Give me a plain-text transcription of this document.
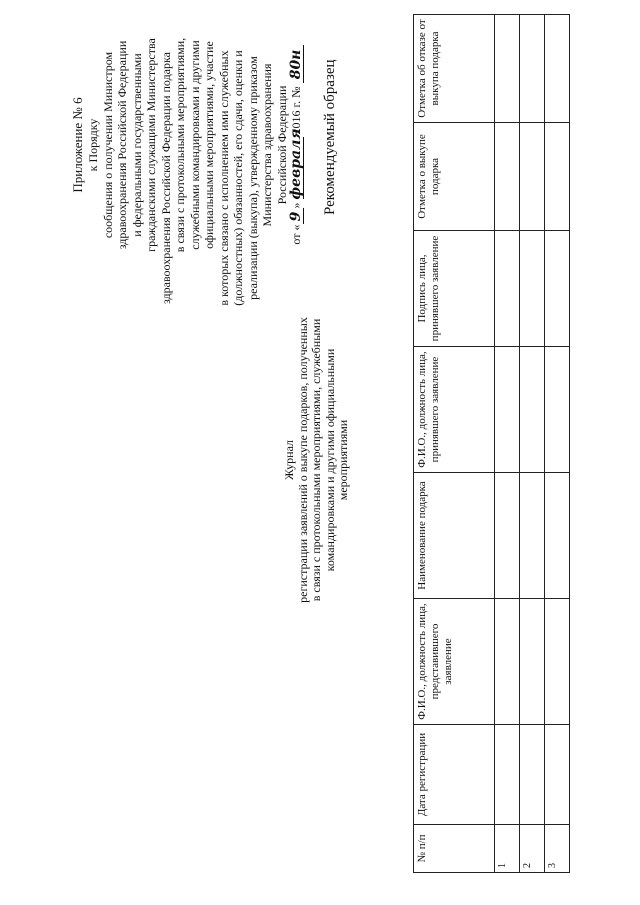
Приложение № 6 к Порядку сообщения о получении Министром здравоохранения Российской Федерации и федеральными государственными гражданскими служащими Министерства здравоохранения Российской Федерации подарка в связи с протокольными мероприятиями, служебными командировками и другими официальными мероприятиями, участие в которых связано с исполнением ими служебных (должностных) обязанностей, его сдачи, оценки и реализации (выкупа), утвержденному приказом Министерства здравоохранения Российской Федерации
от «9» февраля 2016 г. № 80н Рекомендуемый образец
Журнал регистрации заявлений о выкупе подарков, полученных в связи с протокольными мероприятиями, служебными командировками и другими официальными мероприятиями
№ п/п	Дата регистрации	Ф.И.О., должность лица, представившего заявление	Наименование подарка	Ф.И.О., должность лица, принявшего заявление	Подпись лица, принявшего заявление	Отметка о выкупе подарка	Отметка об отказе от выкупа подарка
1							
2							
3							
